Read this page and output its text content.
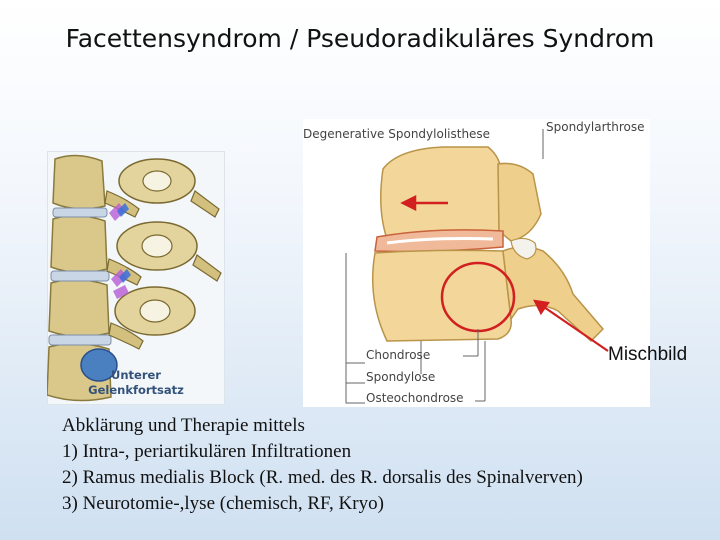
Facettensyndrom / Pseudoradikuläres Syndrom
Unterer
Gelenkfortsatz
Degenerative Spondylolisthese	Spondylarthrose
Chondrose
Spondylose
Osteochondrose
Mischbild
Abklärung und Therapie mittels
1) Intra-, periartikulären Infiltrationen
2) Ramus medialis Block (R. med. des R. dorsalis des Spinalverven)
3) Neurotomie-,lyse (chemisch, RF, Kryo)
